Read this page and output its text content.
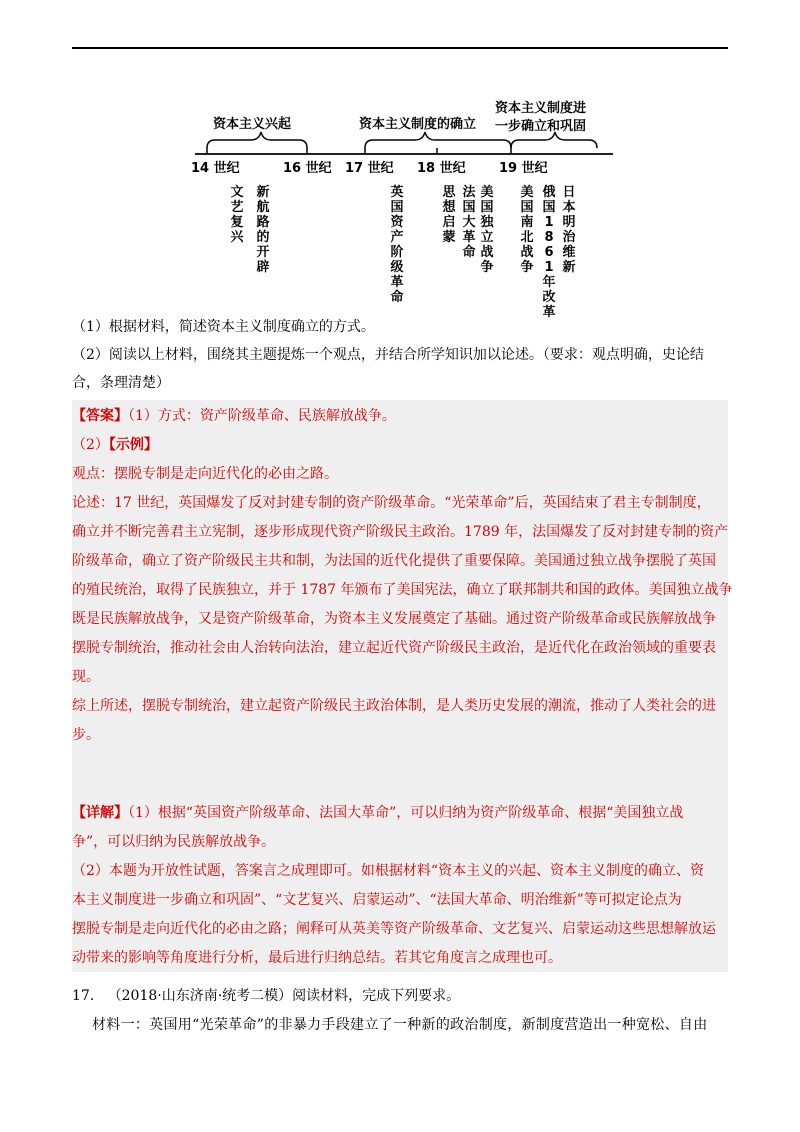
资本主义兴起	资本主义制度的确立
资本主义制度进
一步确立和巩固
14 世纪	16 世纪 17 世纪 18 世纪	19 世纪
文艺复兴
新航路的开辟
英国资产阶级革命
思想启蒙
法国大革命
美国独立战争
美国南北战争
俄国 1 8 6 1 年改革
日本明治维新
（1）根据材料，简述资本主义制度确立的方式。
（2）阅读以上材料，围绕其主题提炼一个观点，并结合所学知识加以论述。（要求：观点明确，史论结
合，条理清楚）
【答案】（1）方式：资产阶级革命、民族解放战争。
（2）【示例】
观点：摆脱专制是走向近代化的必由之路。
论述：17 世纪，英国爆发了反对封建专制的资产阶级革命。“光荣革命”后，英国结束了君主专制制度，
确立并不断完善君主立宪制，逐步形成现代资产阶级民主政治。1789 年，法国爆发了反对封建专制的资产
阶级革命，确立了资产阶级民主共和制，为法国的近代化提供了重要保障。美国通过独立战争摆脱了英国
的殖民统治，取得了民族独立，并于 1787 年颁布了美国宪法，确立了联邦制共和国的政体。美国独立战争
既是民族解放战争，又是资产阶级革命，为资本主义发展奠定了基础。通过资产阶级革命或民族解放战争
摆脱专制统治，推动社会由人治转向法治，建立起近代资产阶级民主政治，是近代化在政治领域的重要表
现。
综上所述，摆脱专制统治，建立起资产阶级民主政治体制，是人类历史发展的潮流，推动了人类社会的进
步。
【详解】（1）根据“英国资产阶级革命、法国大革命”，可以归纳为资产阶级革命、根据“美国独立战
争”，可以归纳为民族解放战争。
（2）本题为开放性试题，答案言之成理即可。如根据材料“资本主义的兴起、资本主义制度的确立、资
本主义制度进一步确立和巩固”、“文艺复兴、启蒙运动”、“法国大革命、明治维新”等可拟定论点为
摆脱专制是走向近代化的必由之路；阐释可从英美等资产阶级革命、文艺复兴、启蒙运动这些思想解放运
动带来的影响等角度进行分析，最后进行归纳总结。若其它角度言之成理也可。
17. （2018·山东济南·统考二模）阅读材料，完成下列要求。
材料一：英国用“光荣革命”的非暴力手段建立了一种新的政治制度，新制度营造出一种宽松、自由
